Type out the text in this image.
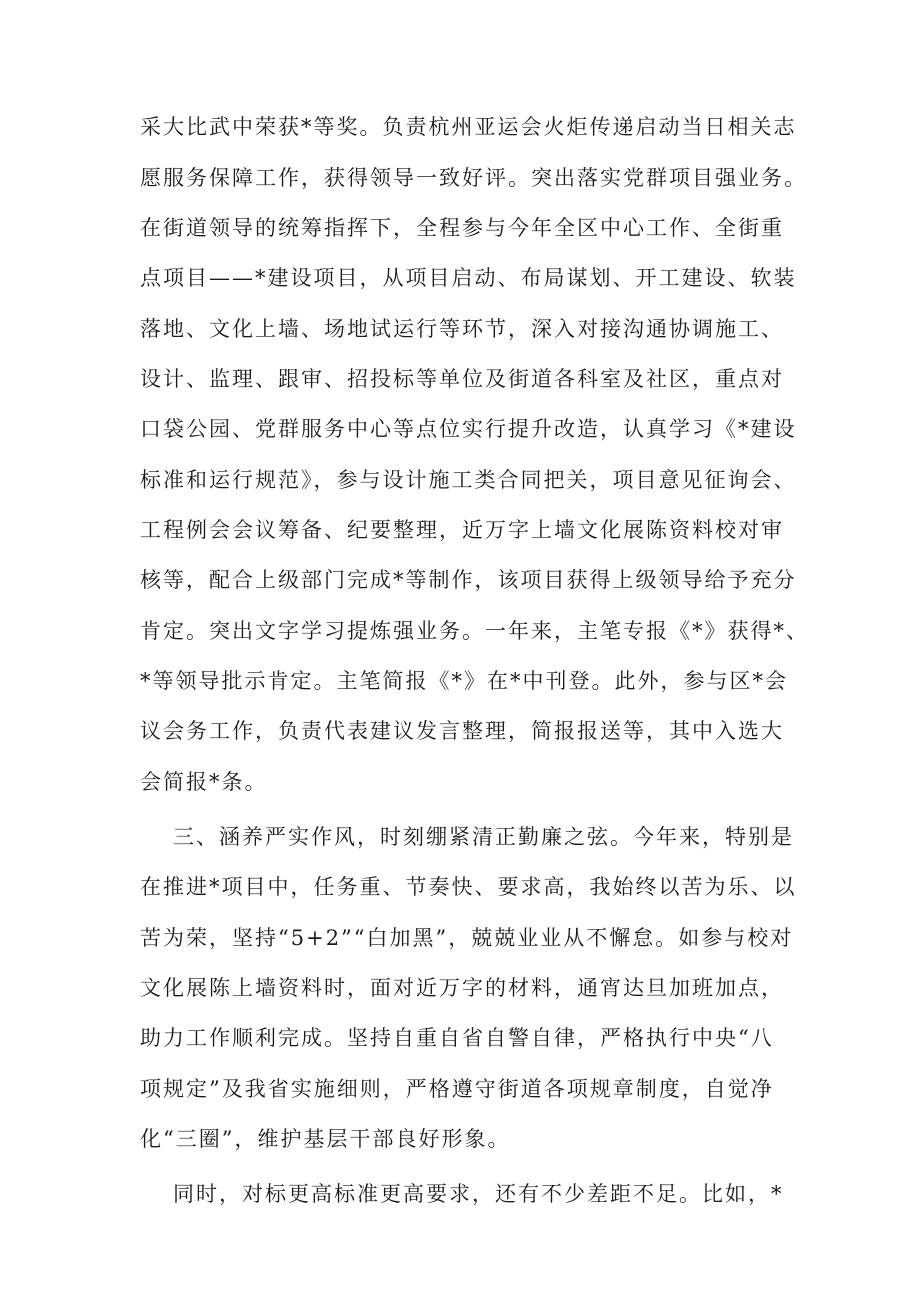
采大比武中荣获*等奖。负责杭州亚运会火炬传递启动当日相关志
愿服务保障工作，获得领导一致好评。突出落实党群项目强业务。
在街道领导的统筹指挥下，全程参与今年全区中心工作、全街重
点项目——*建设项目，从项目启动、布局谋划、开工建设、软装
落地、文化上墙、场地试运行等环节，深入对接沟通协调施工、
设计、监理、跟审、招投标等单位及街道各科室及社区，重点对
口袋公园、党群服务中心等点位实行提升改造，认真学习《*建设
标准和运行规范》，参与设计施工类合同把关，项目意见征询会、
工程例会会议筹备、纪要整理，近万字上墙文化展陈资料校对审
核等，配合上级部门完成*等制作，该项目获得上级领导给予充分
肯定。突出文字学习提炼强业务。一年来，主笔专报《*》获得*、
*等领导批示肯定。主笔简报《*》在*中刊登。此外，参与区*会
议会务工作，负责代表建议发言整理，简报报送等，其中入选大
会简报*条。
三、涵养严实作风，时刻绷紧清正勤廉之弦。今年来，特别是
在推进*项目中，任务重、节奏快、要求高，我始终以苦为乐、以
苦为荣，坚持“5+2”“白加黑”，兢兢业业从不懈怠。如参与校对
文化展陈上墙资料时，面对近万字的材料，通宵达旦加班加点，
助力工作顺利完成。坚持自重自省自警自律，严格执行中央“八
项规定”及我省实施细则，严格遵守街道各项规章制度，自觉净
化“三圈”，维护基层干部良好形象。
同时，对标更高标准更高要求，还有不少差距不足。比如，*
